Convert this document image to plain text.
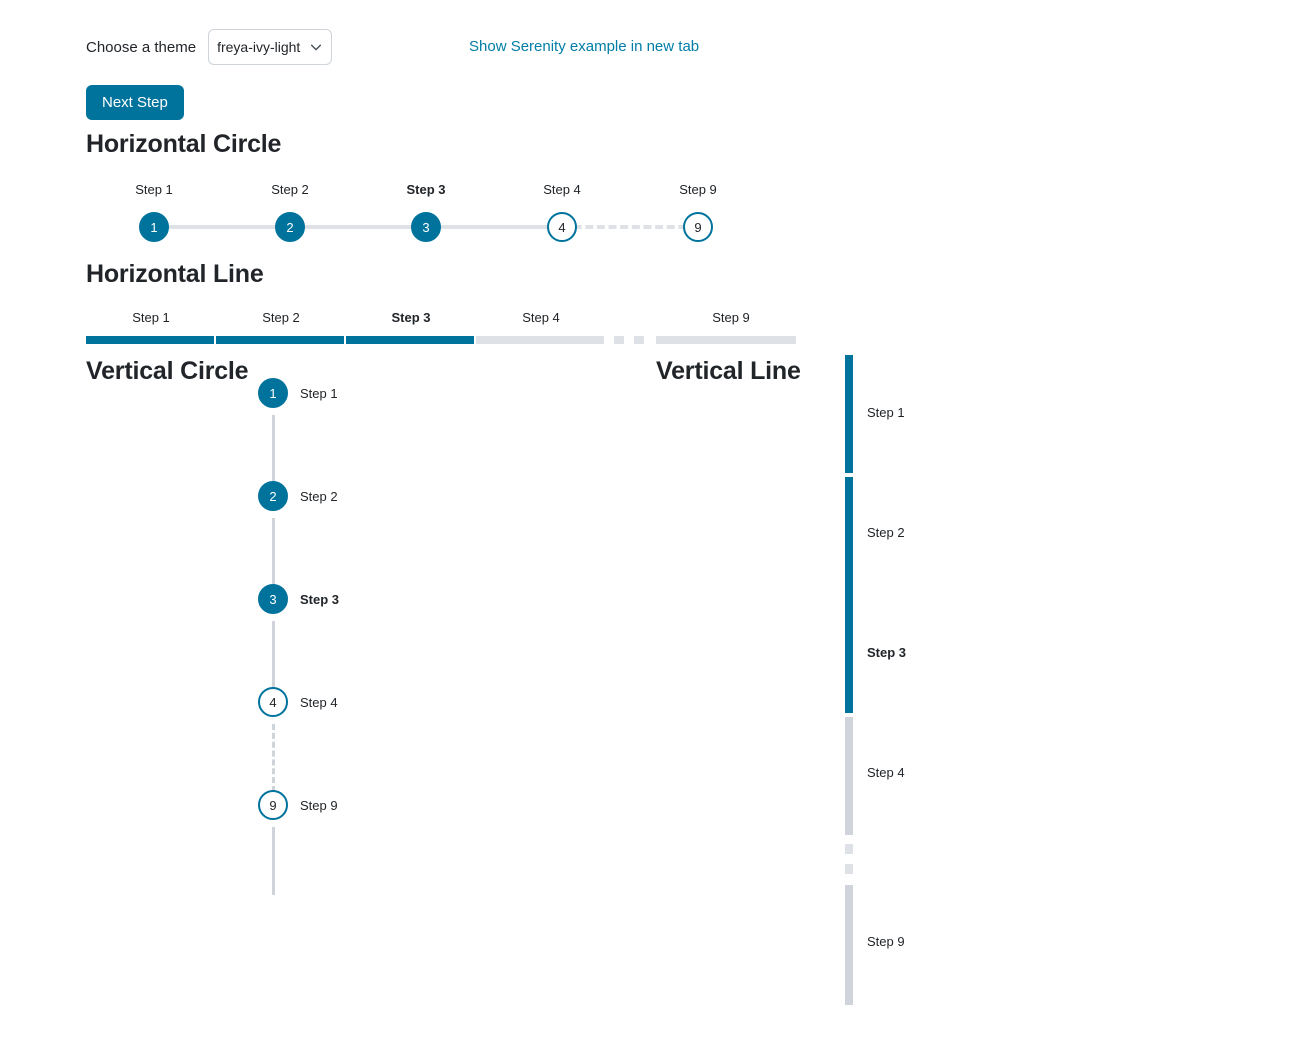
Choose a theme freya-ivy-light	Show Serenity example in new tab
Next Step
Horizontal Circle
Step 1	Step 2	Step 3	Step 4	Step 9
1	2	3	4	9
Horizontal Line
Step 1	Step 2	Step 3	Step 4	Step 9
Vertical Circle
1	Step 1
2	Step 2
3	Step 3
4	Step 4
9	Step 9
Vertical Line
Step 1
Step 2
Step 3
Step 4
Step 9
